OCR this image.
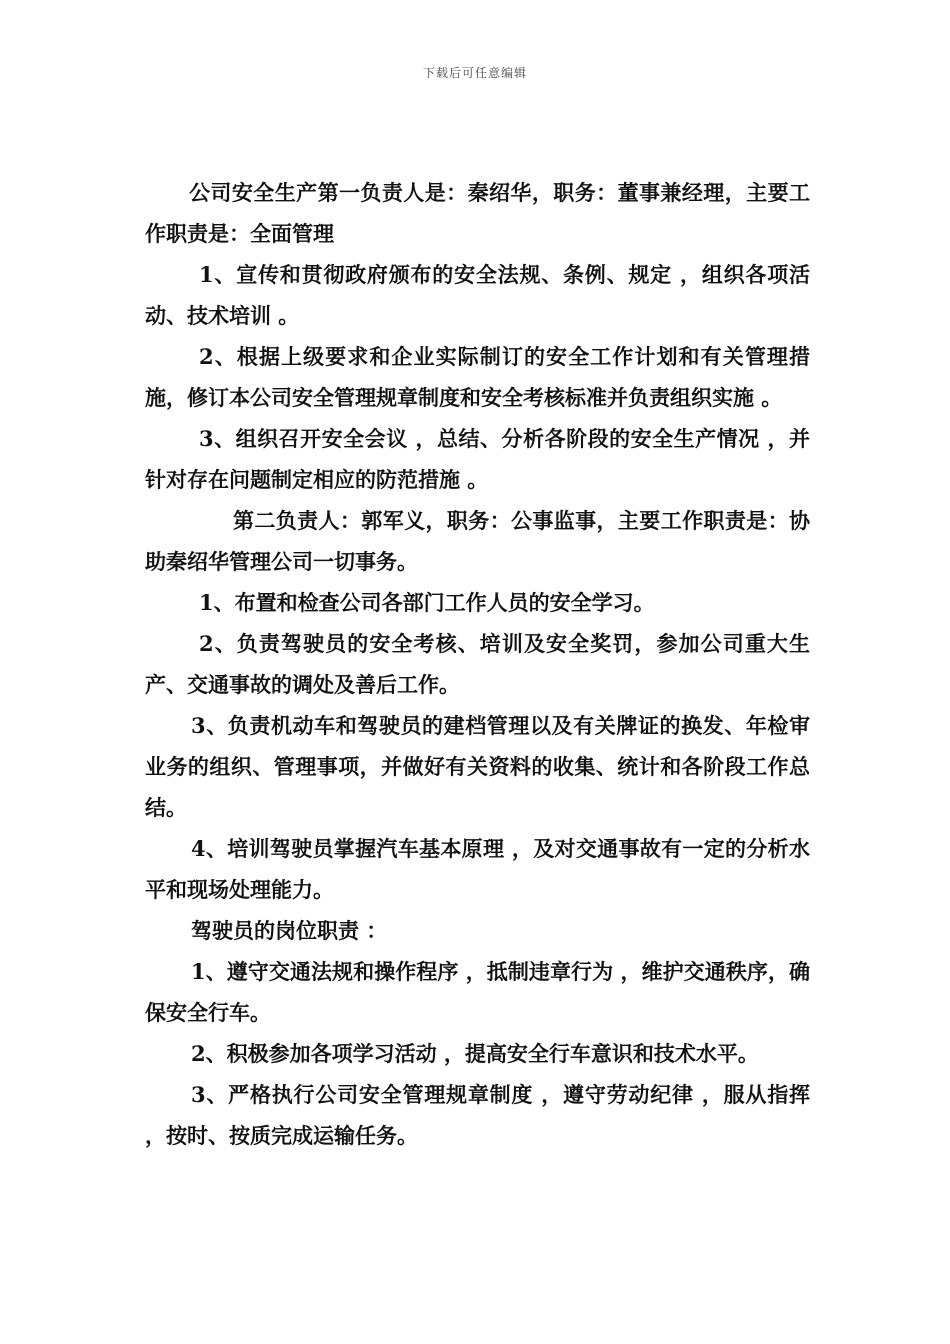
下载后可任意编辑

公司安全生产第一负责人是：秦绍华，职务：董事兼经理，主要工作职责是：全面管理

1、宣传和贯彻政府颁布的安全法规、条例、规定 ，组织各项活动、技术培训 。

2、根据上级要求和企业实际制订的安全工作计划和有关管理措施，修订本公司安全管理规章制度和安全考核标准并负责组织实施 。

3、组织召开安全会议 ，总结、分析各阶段的安全生产情况 ，并针对存在问题制定相应的防范措施 。

第二负责人：郭军义，职务：公事监事，主要工作职责是：协助秦绍华管理公司一切事务。

1、布置和检查公司各部门工作人员的安全学习。

2、负责驾驶员的安全考核、培训及安全奖罚，参加公司重大生产、交通事故的调处及善后工作。

3、负责机动车和驾驶员的建档管理以及有关牌证的换发、年检审业务的组织、管理事项，并做好有关资料的收集、统计和各阶段工作总结。

4、培训驾驶员掌握汽车基本原理 ，及对交通事故有一定的分析水平和现场处理能力。

驾驶员的岗位职责 ：

1、遵守交通法规和操作程序 ，抵制违章行为 ，维护交通秩序，确保安全行车。

2、积极参加各项学习活动 ，提高安全行车意识和技术水平。

3、严格执行公司安全管理规章制度 ，遵守劳动纪律 ，服从指挥 ，按时、按质完成运输任务。
